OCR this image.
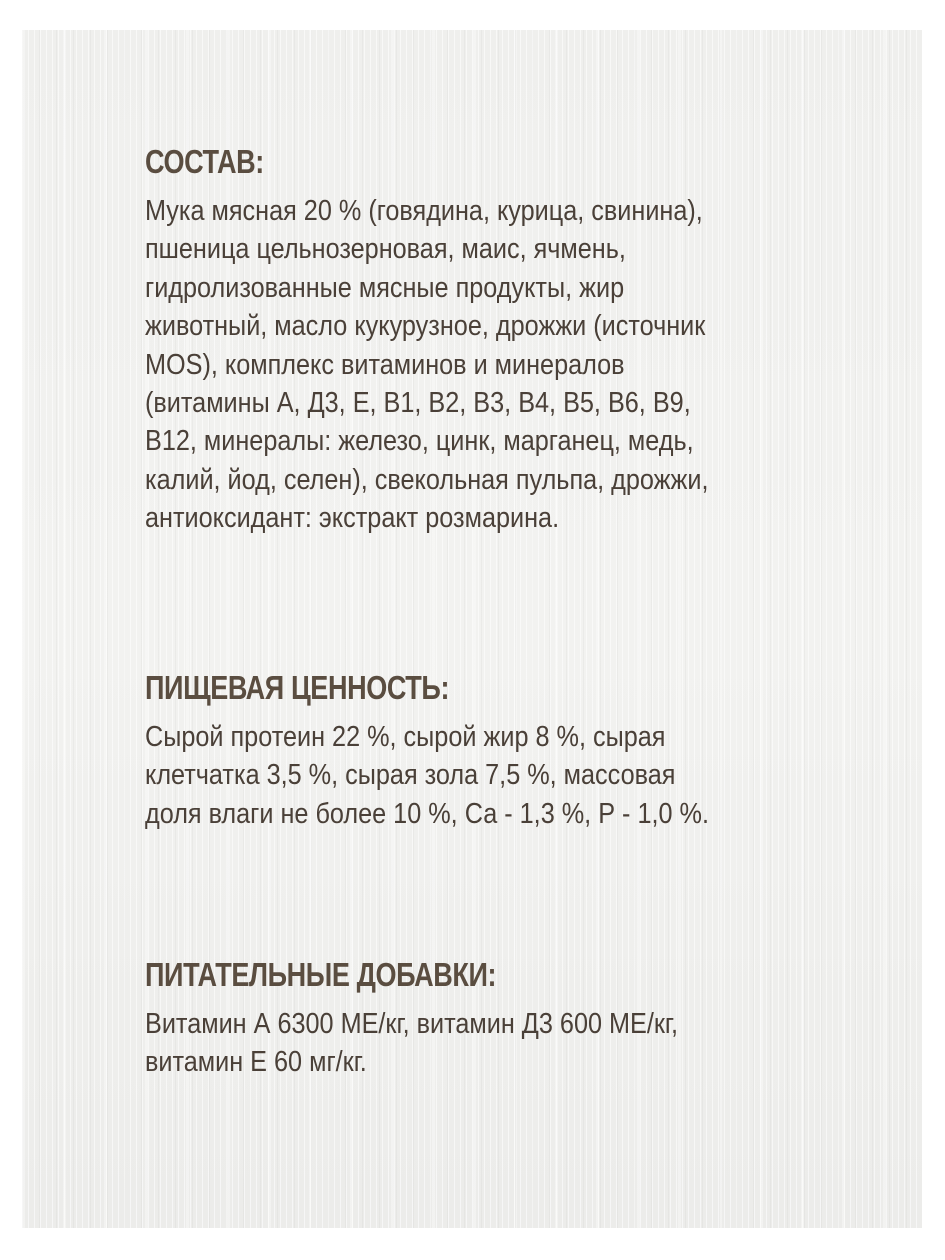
СОСТАВ:
Мука мясная 20 % (говядина, курица, свинина),
пшеница цельнозерновая, маис, ячмень,
гидролизованные мясные продукты, жир
животный, масло кукурузное, дрожжи (источник
MOS), комплекс витаминов и минералов
(витамины А, Д3, Е, В1, В2, В3, В4, В5, В6, В9,
В12, минералы: железо, цинк, марганец, медь,
калий, йод, селен), свекольная пульпа, дрожжи,
антиоксидант: экстракт розмарина.
ПИЩЕВАЯ ЦЕННОСТЬ:
Сырой протеин 22 %, сырой жир 8 %, сырая
клетчатка 3,5 %, сырая зола 7,5 %, массовая
доля влаги не более 10 %, Са - 1,3 %, Р - 1,0 %.
ПИТАТЕЛЬНЫЕ ДОБАВКИ:
Витамин А 6300 МЕ/кг, витамин Д3 600 МЕ/кг,
витамин Е 60 мг/кг.
